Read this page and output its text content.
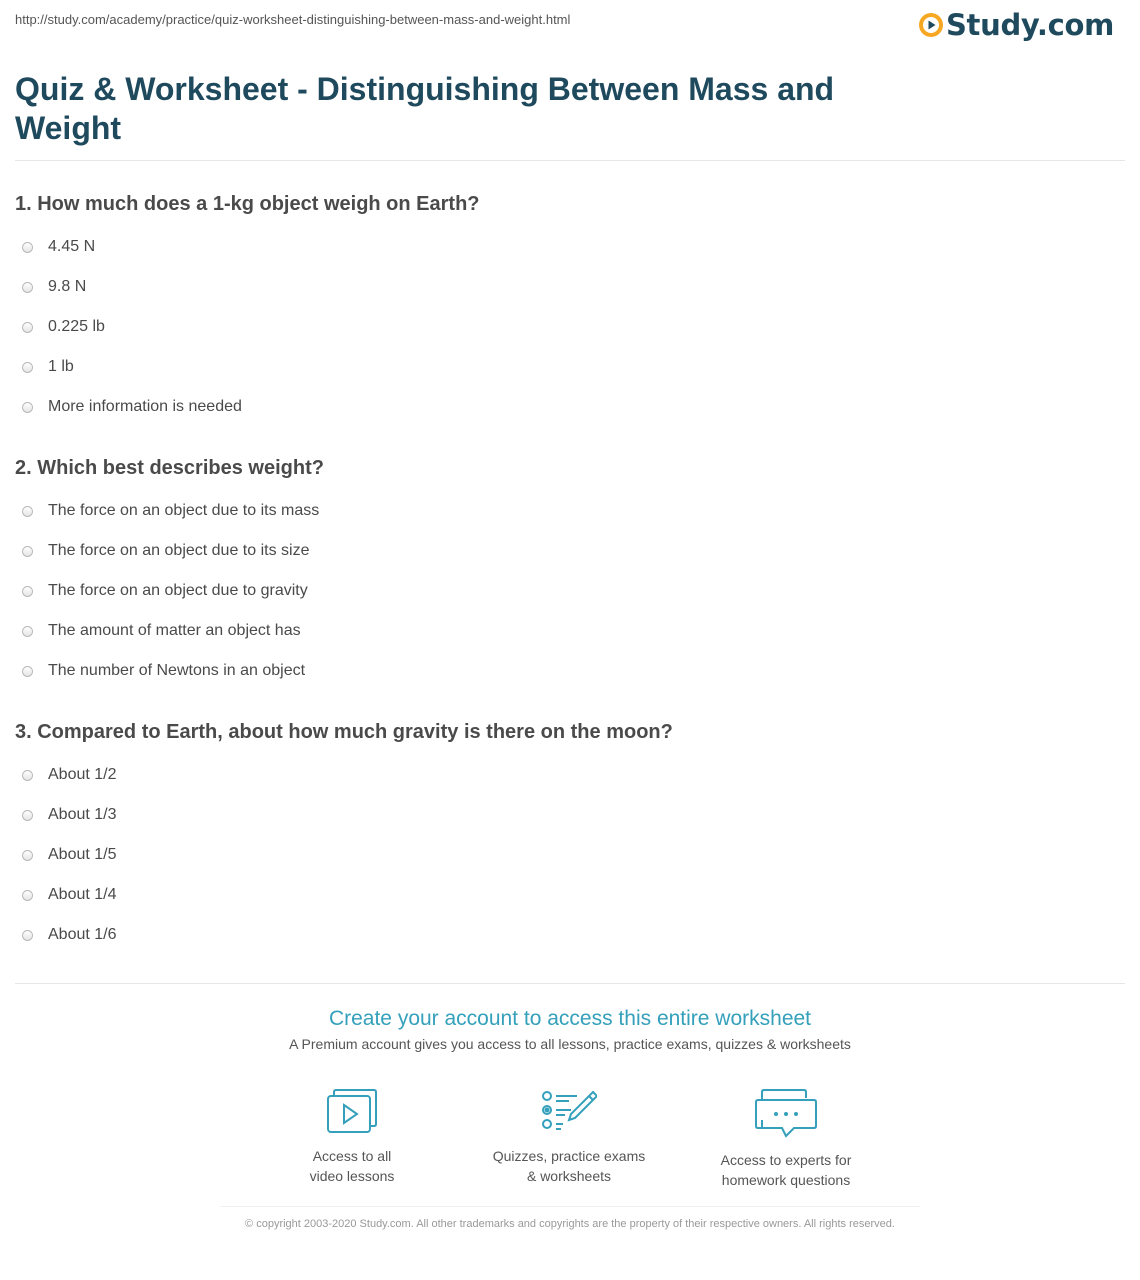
http://study.com/academy/practice/quiz-worksheet-distinguishing-between-mass-and-weight.html	Study.com
Quiz & Worksheet - Distinguishing Between Mass and Weight
1. How much does a 1-kg object weigh on Earth?
4.45 N
9.8 N
0.225 lb
1 lb
More information is needed
2. Which best describes weight?
The force on an object due to its mass
The force on an object due to its size
The force on an object due to gravity
The amount of matter an object has
The number of Newtons in an object
3. Compared to Earth, about how much gravity is there on the moon?
About 1/2
About 1/3
About 1/5
About 1/4
About 1/6
Create your account to access this entire worksheet
A Premium account gives you access to all lessons, practice exams, quizzes & worksheets
Access to all
video lessons
Quizzes, practice exams
& worksheets
Access to experts for
homework questions
© copyright 2003-2020 Study.com. All other trademarks and copyrights are the property of their respective owners. All rights reserved.
